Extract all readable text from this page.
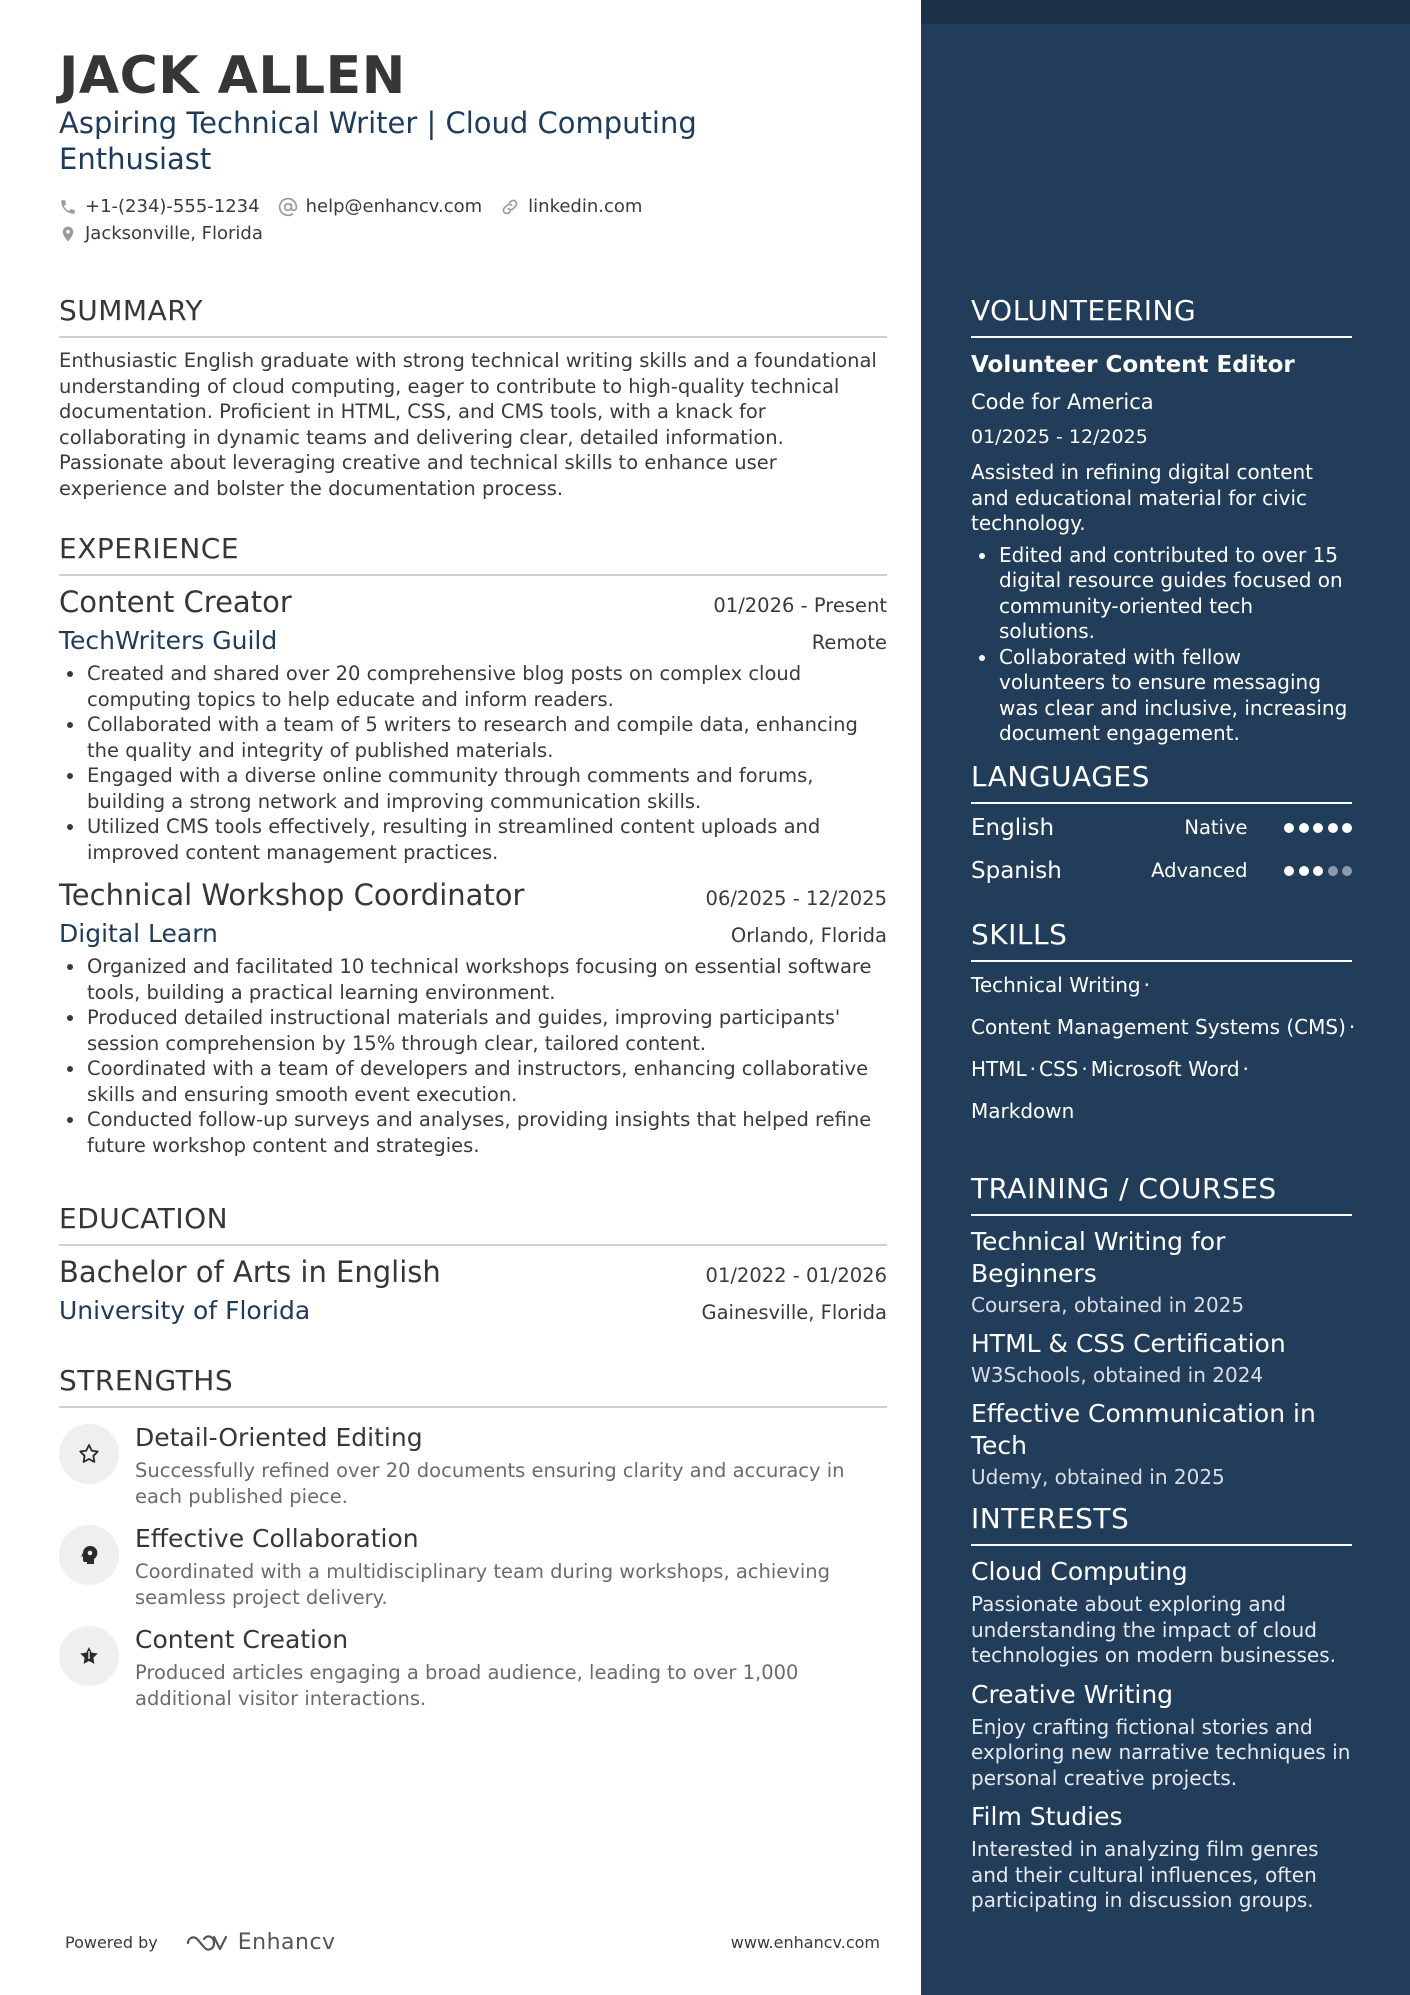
JACK ALLEN
Aspiring Technical Writer | Cloud Computing
Enthusiast
+1-(234)-555-1234	help@enhancv.com	linkedin.com
Jacksonville, Florida
SUMMARY
Enthusiastic English graduate with strong technical writing skills and a foundational understanding of cloud computing, eager to contribute to high-quality technical documentation. Proficient in HTML, CSS, and CMS tools, with a knack for collaborating in dynamic teams and delivering clear, detailed information. Passionate about leveraging creative and technical skills to enhance user experience and bolster the documentation process.
EXPERIENCE
Content Creator	01/2026 - Present
TechWriters Guild	Remote
Created and shared over 20 comprehensive blog posts on complex cloud computing topics to help educate and inform readers.
Collaborated with a team of 5 writers to research and compile data, enhancing the quality and integrity of published materials.
Engaged with a diverse online community through comments and forums, building a strong network and improving communication skills.
Utilized CMS tools effectively, resulting in streamlined content uploads and improved content management practices.
Technical Workshop Coordinator	06/2025 - 12/2025
Digital Learn	Orlando, Florida
Organized and facilitated 10 technical workshops focusing on essential software tools, building a practical learning environment.
Produced detailed instructional materials and guides, improving participants' session comprehension by 15% through clear, tailored content.
Coordinated with a team of developers and instructors, enhancing collaborative skills and ensuring smooth event execution.
Conducted follow-up surveys and analyses, providing insights that helped refine future workshop content and strategies.
EDUCATION
Bachelor of Arts in English	01/2022 - 01/2026
University of Florida	Gainesville, Florida
STRENGTHS
Detail-Oriented Editing
Successfully refined over 20 documents ensuring clarity and accuracy in each published piece.
Effective Collaboration
Coordinated with a multidisciplinary team during workshops, achieving seamless project delivery.
Content Creation
Produced articles engaging a broad audience, leading to over 1,000 additional visitor interactions.
Powered by	Enhancv	www.enhancv.com
VOLUNTEERING
Volunteer Content Editor
Code for America
01/2025 - 12/2025
Assisted in refining digital content and educational material for civic technology.
Edited and contributed to over 15 digital resource guides focused on community-oriented tech solutions.
Collaborated with fellow volunteers to ensure messaging was clear and inclusive, increasing document engagement.
LANGUAGES
English	Native
Spanish	Advanced
SKILLS
Technical Writing ·
Content Management Systems (CMS) ·
HTML · CSS · Microsoft Word ·
Markdown
TRAINING / COURSES
Technical Writing for Beginners
Coursera, obtained in 2025
HTML & CSS Certification
W3Schools, obtained in 2024
Effective Communication in Tech
Udemy, obtained in 2025
INTERESTS
Cloud Computing
Passionate about exploring and understanding the impact of cloud technologies on modern businesses.
Creative Writing
Enjoy crafting fictional stories and exploring new narrative techniques in personal creative projects.
Film Studies
Interested in analyzing film genres and their cultural influences, often participating in discussion groups.
